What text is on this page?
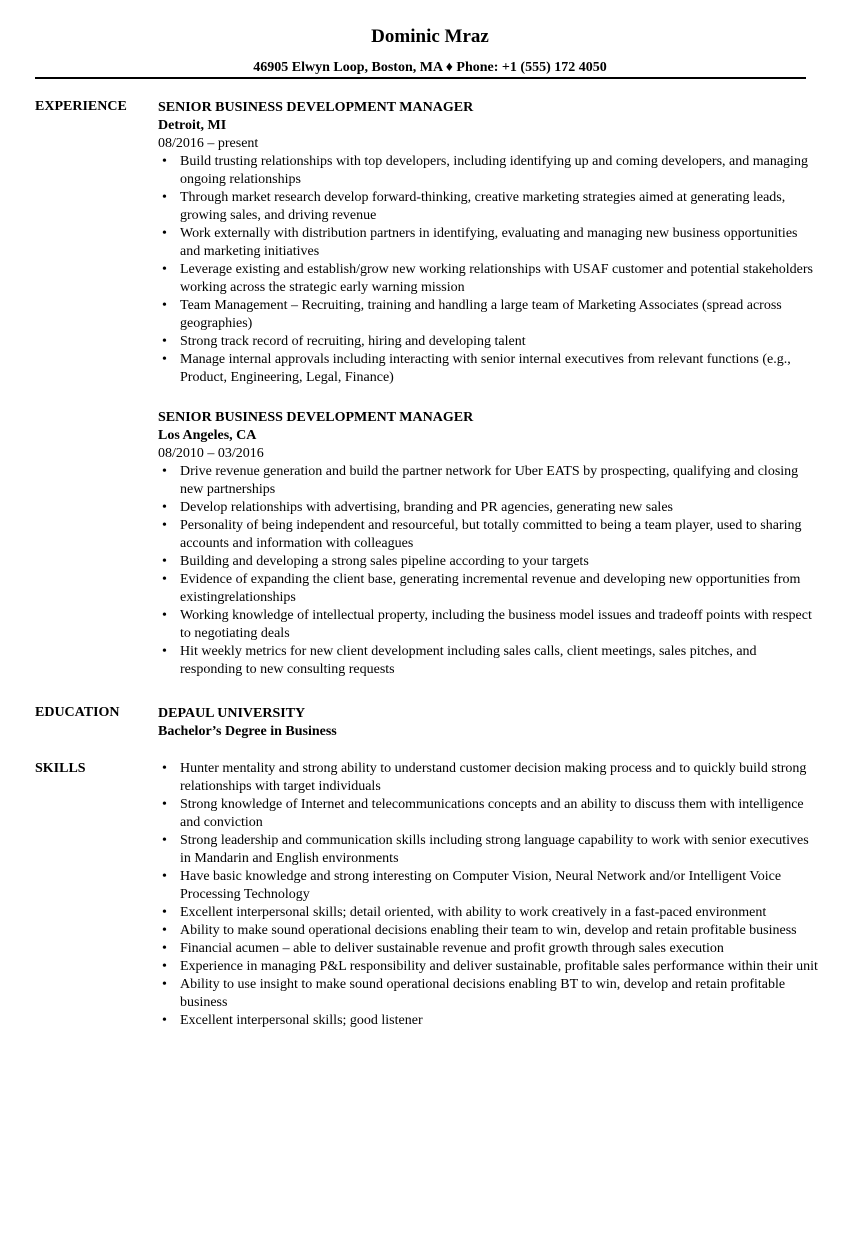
Dominic Mraz
46905 Elwyn Loop, Boston, MA ♦ Phone: +1 (555) 172 4050
EXPERIENCE SENIOR BUSINESS DEVELOPMENT MANAGER
Detroit, MI
08/2016 – present
• Build trusting relationships with top developers, including identifying up and coming developers, and managing ongoing relationships
• Through market research develop forward-thinking, creative marketing strategies aimed at generating leads, growing sales, and driving revenue
• Work externally with distribution partners in identifying, evaluating and managing new business opportunities and marketing initiatives
• Leverage existing and establish/grow new working relationships with USAF customer and potential stakeholders working across the strategic early warning mission
• Team Management – Recruiting, training and handling a large team of Marketing Associates (spread across geographies)
• Strong track record of recruiting, hiring and developing talent
• Manage internal approvals including interacting with senior internal executives from relevant functions (e.g., Product, Engineering, Legal, Finance)
SENIOR BUSINESS DEVELOPMENT MANAGER
Los Angeles, CA
08/2010 – 03/2016
• Drive revenue generation and build the partner network for Uber EATS by prospecting, qualifying and closing new partnerships
• Develop relationships with advertising, branding and PR agencies, generating new sales
• Personality of being independent and resourceful, but totally committed to being a team player, used to sharing accounts and information with colleagues
• Building and developing a strong sales pipeline according to your targets
• Evidence of expanding the client base, generating incremental revenue and developing new opportunities from existingrelationships
• Working knowledge of intellectual property, including the business model issues and tradeoff points with respect to negotiating deals
• Hit weekly metrics for new client development including sales calls, client meetings, sales pitches, and responding to new consulting requests
EDUCATION	DEPAUL UNIVERSITY
Bachelor’s Degree in Business
SKILLS
•	Hunter mentality and strong ability to understand customer decision making process and to quickly build strong relationships with target individuals
• Strong knowledge of Internet and telecommunications concepts and an ability to discuss them with intelligence and conviction
• Strong leadership and communication skills including strong language capability to work with senior executives in Mandarin and English environments
• Have basic knowledge and strong interesting on Computer Vision, Neural Network and/or Intelligent Voice Processing Technology
• Excellent interpersonal skills; detail oriented, with ability to work creatively in a fast-paced environment
• Ability to make sound operational decisions enabling their team to win, develop and retain profitable business
• Financial acumen – able to deliver sustainable revenue and profit growth through sales execution
• Experience in managing P&L responsibility and deliver sustainable, profitable sales performance within their unit
• Ability to use insight to make sound operational decisions enabling BT to win, develop and retain profitable business
• Excellent interpersonal skills; good listener
